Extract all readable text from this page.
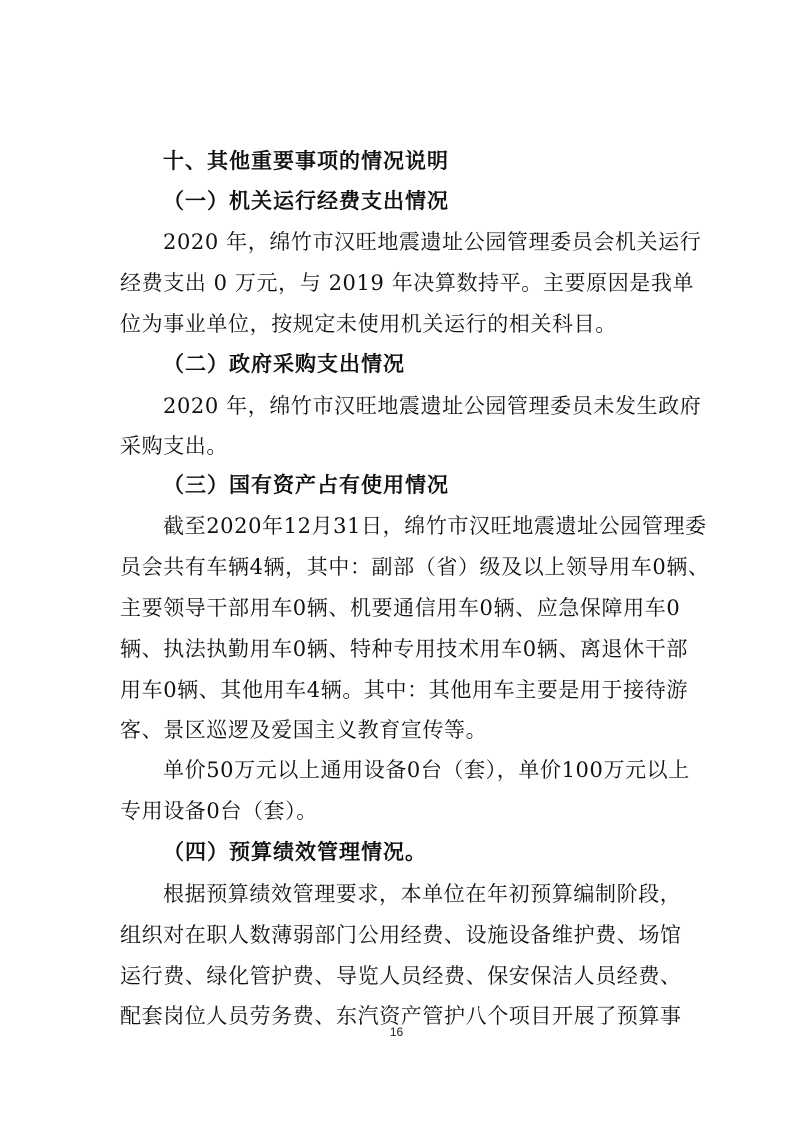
十、其他重要事项的情况说明
（一）机关运行经费支出情况
2020 年，绵竹市汉旺地震遗址公园管理委员会机关运行
经费支出 0 万元，与 2019 年决算数持平。主要原因是我单
位为事业单位，按规定未使用机关运行的相关科目。
（二）政府采购支出情况
2020 年，绵竹市汉旺地震遗址公园管理委员未发生政府
采购支出。
（三）国有资产占有使用情况
截至2020年12月31日，绵竹市汉旺地震遗址公园管理委
员会共有车辆4辆，其中：副部（省）级及以上领导用车0辆、
主要领导干部用车0辆、机要通信用车0辆、应急保障用车0
辆、执法执勤用车0辆、特种专用技术用车0辆、离退休干部
用车0辆、其他用车4辆。其中：其他用车主要是用于接待游
客、景区巡逻及爱国主义教育宣传等。
单价50万元以上通用设备0台（套），单价100万元以上
专用设备0台（套）。
（四）预算绩效管理情况。
根据预算绩效管理要求，本单位在年初预算编制阶段，
组织对在职人数薄弱部门公用经费、设施设备维护费、场馆
运行费、绿化管护费、导览人员经费、保安保洁人员经费、
配套岗位人员劳务费、东汽资产管护八个项目开展了预算事
16
